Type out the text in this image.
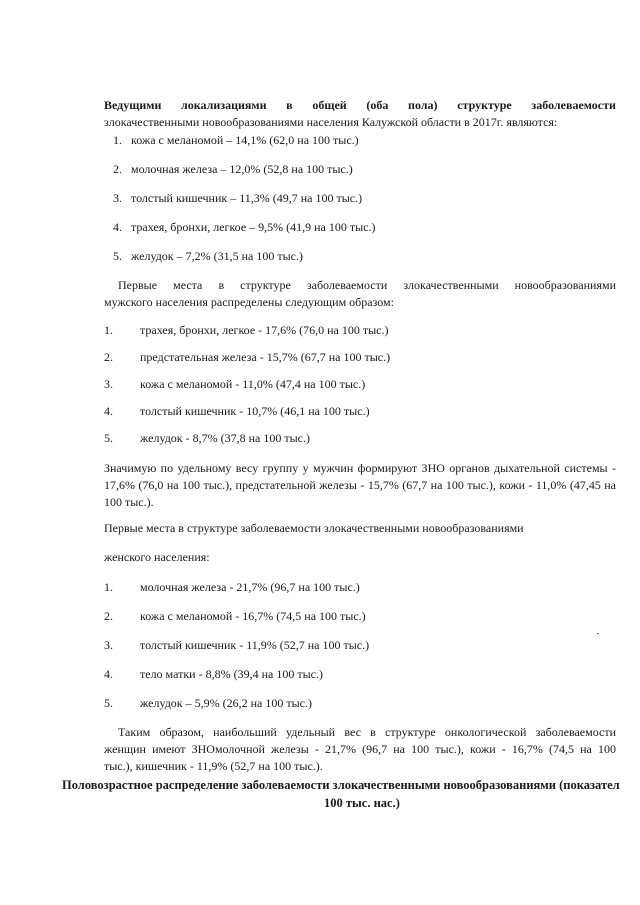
Ведущими локализациями в общей (оба пола) структуре заболеваемости
злокачественными новообразованиями населения Калужской области в 2017г. являются:
1. кожа с меланомой – 14,1% (62,0 на 100 тыс.)
2. молочная железа – 12,0% (52,8 на 100 тыс.)
3. толстый кишечник – 11,3% (49,7 на 100 тыс.)
4. трахея, бронхи, легкое – 9,5% (41,9 на 100 тыс.)
5. желудок – 7,2% (31,5 на 100 тыс.)
Первые места в структуре заболеваемости злокачественными новообразованиями
мужского населения распределены следующим образом:
1. трахея, бронхи, легкое - 17,6% (76,0 на 100 тыс.)
2. предстательная железа - 15,7% (67,7 на 100 тыс.)
3. кожа с меланомой - 11,0% (47,4 на 100 тыс.)
4. толстый кишечник - 10,7% (46,1 на 100 тыс.)
5. желудок - 8,7% (37,8 на 100 тыс.)
Значимую по удельному весу группу у мужчин формируют ЗНО органов дыхательной системы - 17,6% (76,0 на 100 тыс.), предстательной железы - 15,7% (67,7 на 100 тыс.), кожи - 11,0% (47,45 на 100 тыс.).
Первые места в структуре заболеваемости злокачественными новообразованиями
женского населения:
1. молочная железа - 21,7% (96,7 на 100 тыс.)
2. кожа с меланомой - 16,7% (74,5 на 100 тыс.)
3. толстый кишечник - 11,9% (52,7 на 100 тыс.)
4. тело матки - 8,8% (39,4 на 100 тыс.)
5. желудок – 5,9% (26,2 на 100 тыс.)
Таким образом, наибольший удельный вес в структуре онкологической заболеваемости
женщин имеют ЗНОмолочной железы - 21,7% (96,7 на 100 тыс.), кожи - 16,7% (74,5 на 100
тыс.), кишечник - 11,9% (52,7 на 100 тыс.).
Половозрастное распределение заболеваемости злокачественными новообразованиями (показател
100 тыс. нас.)
